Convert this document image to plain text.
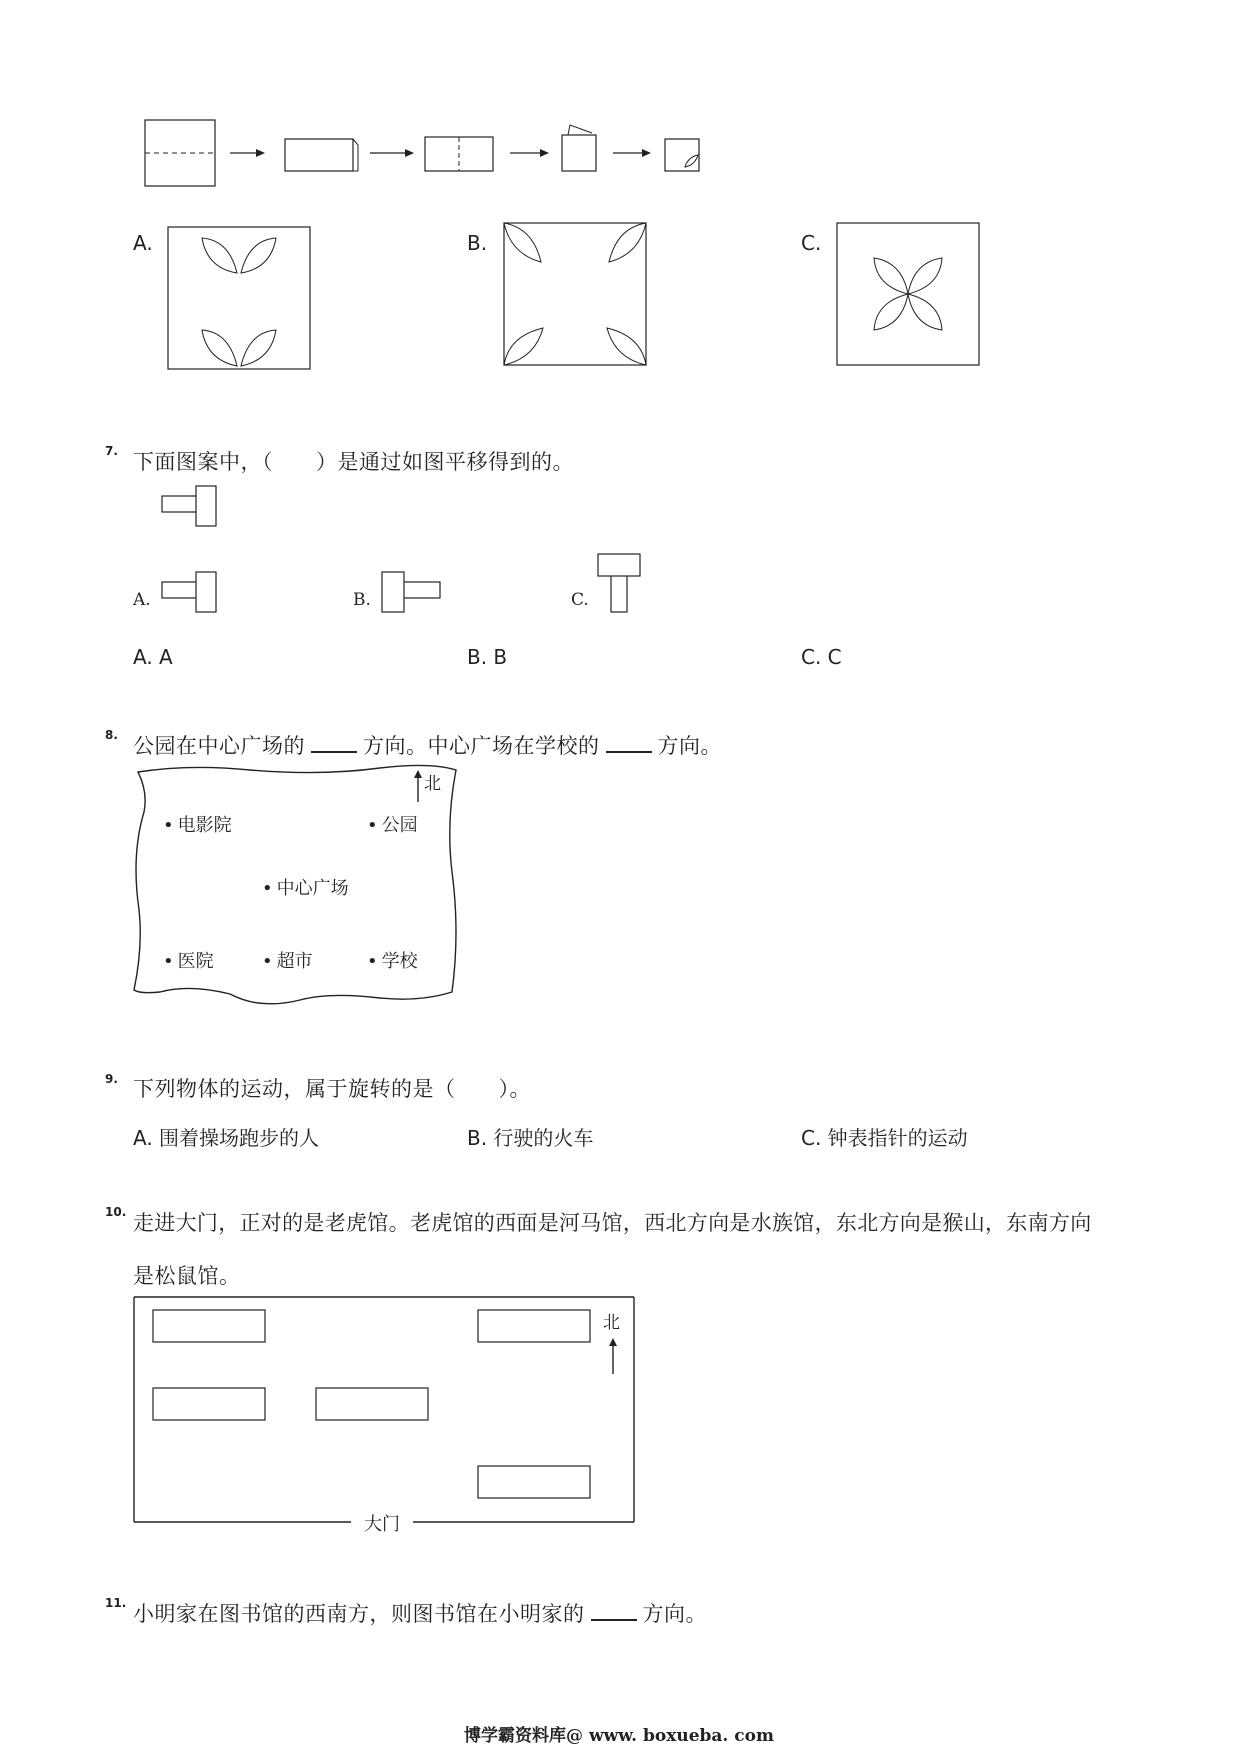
A.	B.	C.
7. 下面图案中，（　　）是通过如图平移得到的。
A.	B.	C.
A. A	B. B	C. C
8. 公园在中心广场的	方向。中心广场在学校的	方向。
北
• 电影院	• 公园
• 中心广场
• 医院	• 超市	• 学校
9. 下列物体的运动，属于旋转的是（　　）。
A. 围着操场跑步的人	B. 行驶的火车	C. 钟表指针的运动
10. 走进大门，正对的是老虎馆。老虎馆的西面是河马馆，西北方向是水族馆，东北方向是猴山，东南方向
是松鼠馆。
北
大门
11. 小明家在图书馆的西南方，则图书馆在小明家的	方向。
博学霸资料库@ www. boxueba. com
